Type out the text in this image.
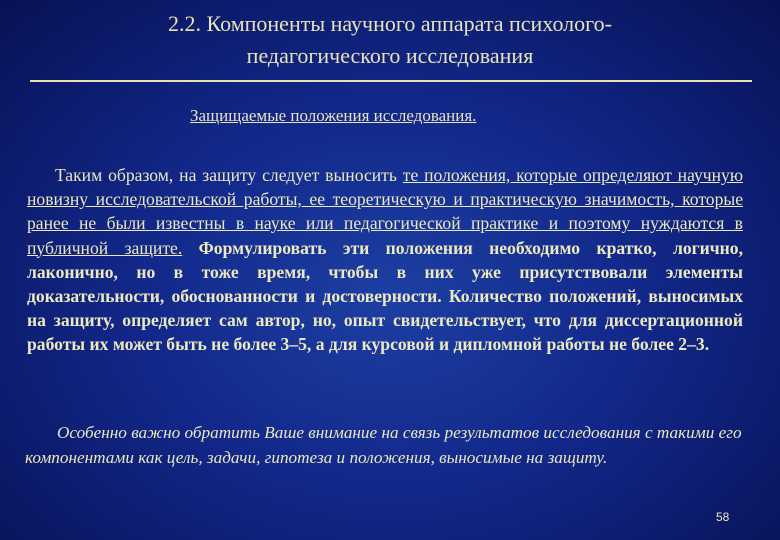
2.2. Компоненты научного аппарата психолого-
педагогического исследования
Защищаемые положения исследования.

Таким образом, на защиту следует выносить те положения, которые определяют научную новизну исследовательской работы, ее теоретическую и практическую значимость, которые ранее не были известны в науке или педагогической практике и поэтому нуждаются в публичной защите. Формулировать эти положения необходимо кратко, логично, лаконично, но в тоже время, чтобы в них уже присутствовали элементы доказательности, обоснованности и достоверности. Количество положений, выносимых на защиту, определяет сам автор, но, опыт свидетельствует, что для диссертационной работы их может быть не более 3–5, а для курсовой и дипломной работы не более 2–3.

Особенно важно обратить Ваше внимание на связь результатов исследования с такими его компонентами как цель, задачи, гипотеза и положения, выносимые на защиту.

58
